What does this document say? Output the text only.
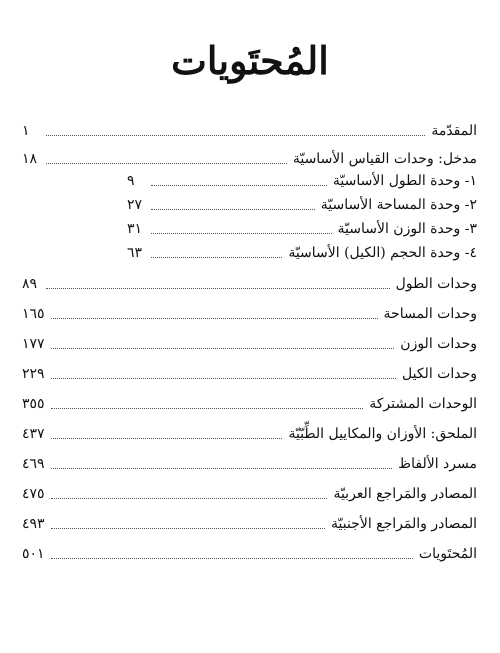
المُحتَويات
المقدّمة
١
مدخل: وحدات القياس الأساسيّة
١٨
١- وحدة الطول الأساسيّة
٩
٢- وحدة المساحة الأساسيّة
٢٧
٣- وحدة الوزن الأساسيّة
٣١
٤- وحدة الحجم (الكيل) الأساسيّة
٦٣
وحدات الطول
٨٩
وحدات المساحة
١٦٥
وحدات الوزن
١٧٧
وحدات الكيل
٢٢٩
الوحدات المشتركة
٣٥٥
الملحق: الأوزان والمكاييل الطِّبّيّة
٤٣٧
مسرد الألفاظ
٤٦٩
المصادر والمَراجع العربيّة
٤٧٥
المصادر والمَراجع الأجنبيّة
٤٩٣
المُحتَويات
٥٠١
